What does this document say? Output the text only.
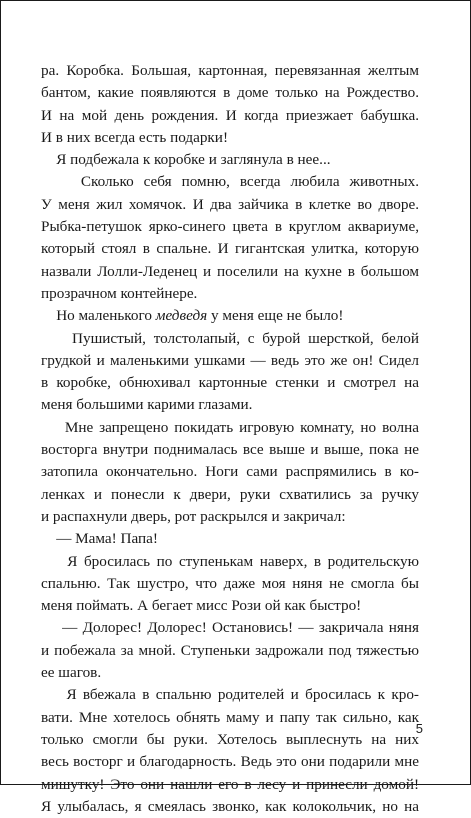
ра. Коробка. Большая, картонная, перевязанная желтым
бантом, какие появляются в доме только на Рождество.
И на мой день рождения. И когда приезжает бабушка.
И в них всегда есть подарки!
Я подбежала к коробке и заглянула в нее...
Сколько себя помню, всегда любила животных.
У меня жил хомячок. И два зайчика в клетке во дворе.
Рыбка-петушок ярко-синего цвета в круглом аквариуме,
который стоял в спальне. И гигантская улитка, которую
назвали Лолли-Леденец и поселили на кухне в большом
прозрачном контейнере.
Но маленького медведя у меня еще не было!
Пушистый, толстолапый, с бурой шерсткой, белой
грудкой и маленькими ушками — ведь это же он! Сидел
в коробке, обнюхивал картонные стенки и смотрел на
меня большими карими глазами.
Мне запрещено покидать игровую комнату, но волна
восторга внутри поднималась все выше и выше, пока не
затопила окончательно. Ноги сами распрямились в ко-
ленках и понесли к двери, руки схватились за ручку
и распахнули дверь, рот раскрылся и закричал:
— Мама! Папа!
Я бросилась по ступенькам наверх, в родительскую
спальню. Так шустро, что даже моя няня не смогла бы
меня поймать. А бегает мисс Рози ой как быстро!
— Долорес! Долорес! Остановись! — закричала няня
и побежала за мной. Ступеньки задрожали под тяжестью
ее шагов.
Я вбежала в спальню родителей и бросилась к кро-
вати. Мне хотелось обнять маму и папу так сильно, как
только смогли бы руки. Хотелось выплеснуть на них
весь восторг и благодарность. Ведь это они подарили мне
мишутку! Это они нашли его в лесу и принесли домой!
Я улыбалась, я смеялась звонко, как колокольчик, но на
5
